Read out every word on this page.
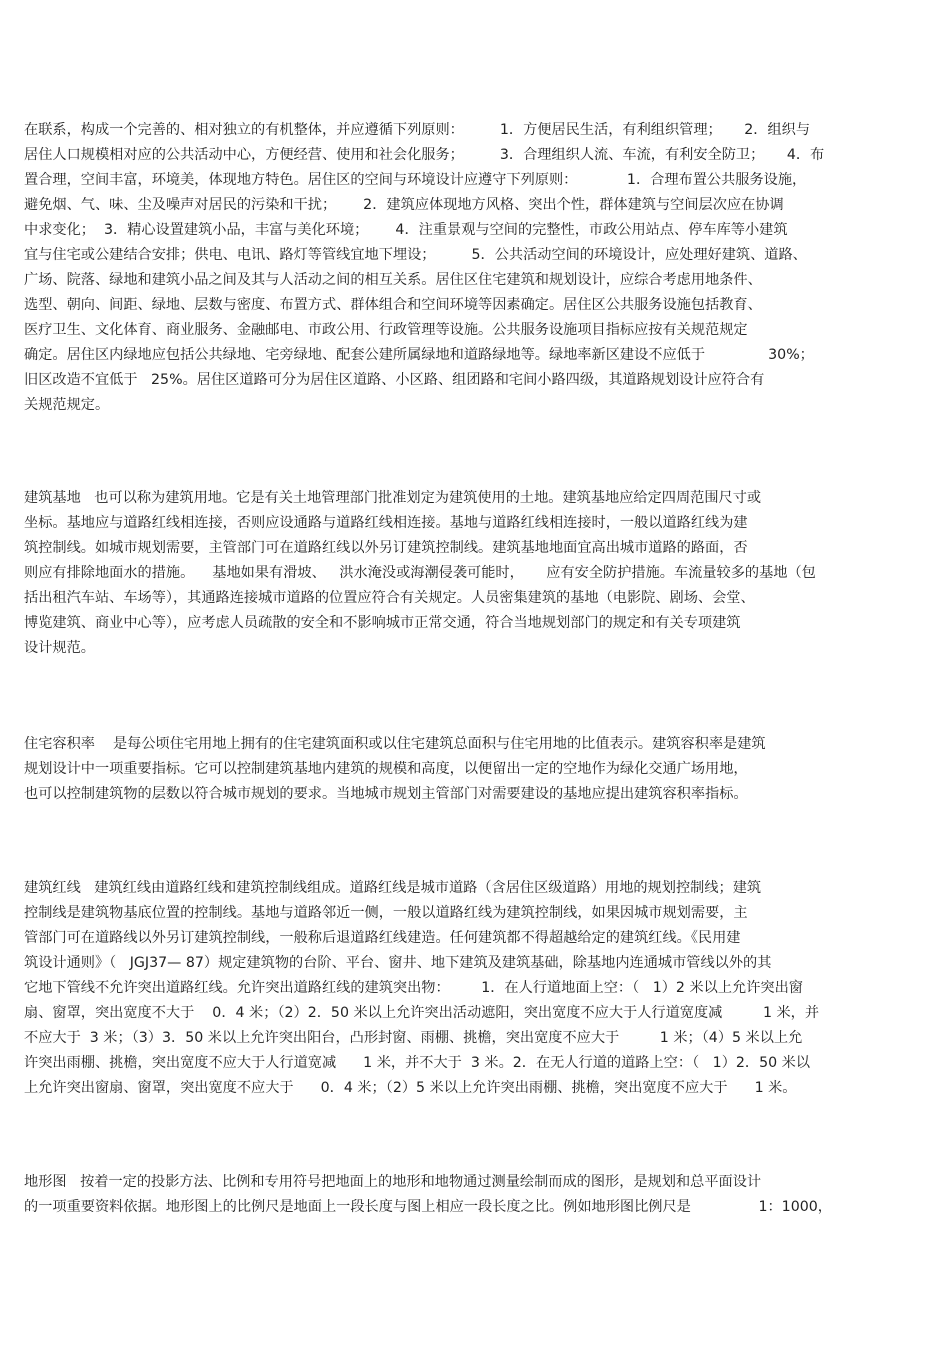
在联系，构成一个完善的、相对独立的有机整体，并应遵循下列原则：        1．方便居民生活，有利组织管理；     2．组织与
居住人口规模相对应的公共活动中心，方便经营、使用和社会化服务；        3．合理组织人流、车流，有利安全防卫；     4．布
置合理，空间丰富，环境美，体现地方特色。居住区的空间与环境设计应遵守下列原则：           1．合理布置公共服务设施，
避免烟、气、味、尘及噪声对居民的污染和干扰；      2．建筑应体现地方风格、突出个性，群体建筑与空间层次应在协调
中求变化；  3．精心设置建筑小品，丰富与美化环境；      4．注重景观与空间的完整性，市政公用站点、停车库等小建筑
宜与住宅或公建结合安排；供电、电讯、路灯等管线宜地下埋设；        5．公共活动空间的环境设计，应处理好建筑、道路、
广场、院落、绿地和建筑小品之间及其与人活动之间的相互关系。居住区住宅建筑和规划设计，应综合考虑用地条件、
选型、朝向、间距、绿地、层数与密度、布置方式、群体组合和空间环境等因素确定。居住区公共服务设施包括教育、
医疗卫生、文化体育、商业服务、金融邮电、市政公用、行政管理等设施。公共服务设施项目指标应按有关规范规定
确定。居住区内绿地应包括公共绿地、宅旁绿地、配套公建所属绿地和道路绿地等。绿地率新区建设不应低于              30%；
旧区改造不宜低于   25%。居住区道路可分为居住区道路、小区路、组团路和宅间小路四级，其道路规划设计应符合有
关规范规定。
建筑基地   也可以称为建筑用地。它是有关土地管理部门批准划定为建筑使用的土地。建筑基地应给定四周范围尺寸或
坐标。基地应与道路红线相连接，否则应设通路与道路红线相连接。基地与道路红线相连接时，一般以道路红线为建
筑控制线。如城市规划需要，主管部门可在道路红线以外另订建筑控制线。建筑基地地面宜高出城市道路的路面，否
则应有排除地面水的措施。    基地如果有滑坡、   洪水淹没或海潮侵袭可能时，     应有安全防护措施。车流量较多的基地（包
括出租汽车站、车场等），其通路连接城市道路的位置应符合有关规定。人员密集建筑的基地（电影院、剧场、会堂、
博览建筑、商业中心等），应考虑人员疏散的安全和不影响城市正常交通，符合当地规划部门的规定和有关专项建筑
设计规范。
住宅容积率    是每公顷住宅用地上拥有的住宅建筑面积或以住宅建筑总面积与住宅用地的比值表示。建筑容积率是建筑
规划设计中一项重要指标。它可以控制建筑基地内建筑的规模和高度，以便留出一定的空地作为绿化交通广场用地，
也可以控制建筑物的层数以符合城市规划的要求。当地城市规划主管部门对需要建设的基地应提出建筑容积率指标。
建筑红线   建筑红线由道路红线和建筑控制线组成。道路红线是城市道路（含居住区级道路）用地的规划控制线；建筑
控制线是建筑物基底位置的控制线。基地与道路邻近一侧，一般以道路红线为建筑控制线，如果因城市规划需要，主
管部门可在道路线以外另订建筑控制线，一般称后退道路红线建造。任何建筑都不得超越给定的建筑红线。《民用建
筑设计通则》（   JGJ37— 87）规定建筑物的台阶、平台、窗井、地下建筑及建筑基础，除基地内连通城市管线以外的其
它地下管线不允许突出道路红线。允许突出道路红线的建筑突出物：       1．在人行道地面上空：（   1）2 米以上允许突出窗
扇、窗罩，突出宽度不大于    0．4 米；（2）2．50 米以上允许突出活动遮阳，突出宽度不应大于人行道宽度减         1 米，并
不应大于  3 米；（3）3．50 米以上允许突出阳台，凸形封窗、雨棚、挑檐，突出宽度不应大于         1 米；（4）5 米以上允
许突出雨棚、挑檐，突出宽度不应大于人行道宽减      1 米，并不大于  3 米。2．在无人行道的道路上空：（   1）2．50 米以
上允许突出窗扇、窗罩，突出宽度不应大于      0．4 米；（2）5 米以上允许突出雨棚、挑檐，突出宽度不应大于      1 米。
地形图   按着一定的投影方法、比例和专用符号把地面上的地形和地物通过测量绘制而成的图形，是规划和总平面设计
的一项重要资料依据。地形图上的比例尺是地面上一段长度与图上相应一段长度之比。例如地形图比例尺是               1：1000，
